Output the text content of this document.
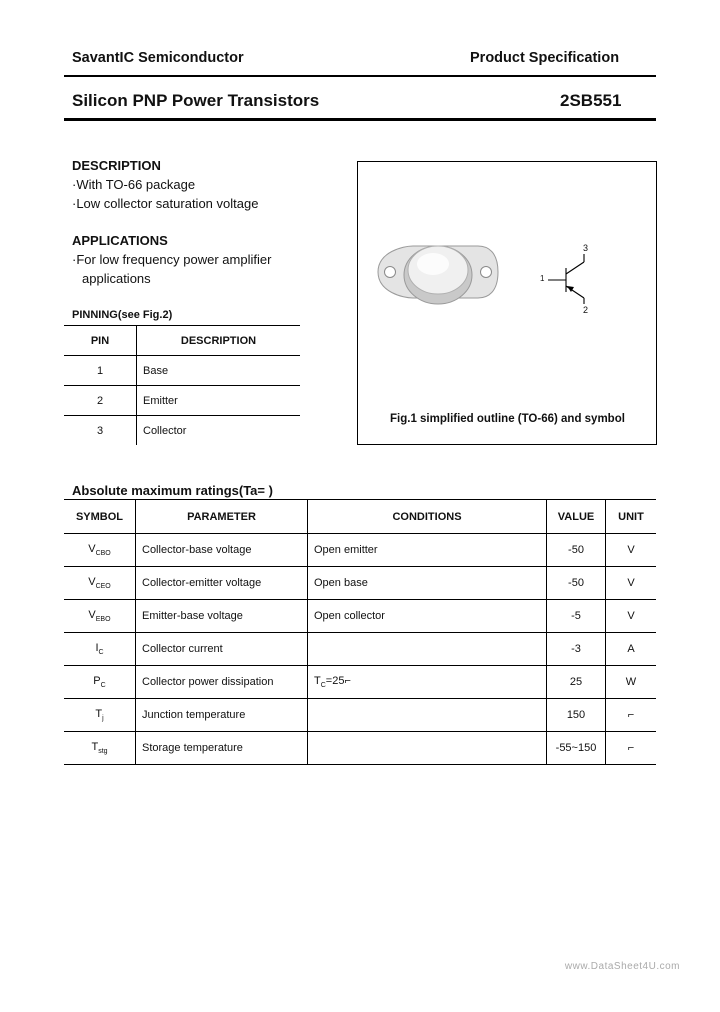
SavantIC Semiconductor	Product Specification
Silicon PNP Power Transistors	2SB551
DESCRIPTION
·With TO-66 package
·Low collector saturation voltage
APPLICATIONS
·For low frequency power amplifier
applications
PINNING(see Fig.2)
PIN	DESCRIPTION
1	Base
2	Emitter
3	Collector
1
2
3
Fig.1 simplified outline (TO-66) and symbol
Absolute maximum ratings(Ta= )
SYMBOL	PARAMETER	CONDITIONS	VALUE	UNIT
$V_{CBO}$	Collector-base voltage	Open emitter	-50	V
$V_{CEO}$	Collector-emitter voltage	Open base	-50	V
$V_{EBO}$	Emitter-base voltage	Open collector	-5	V
$I_C$	Collector current		-3	A
$P_C$	Collector power dissipation	$T_C=25⌐$	25	W
$T_j$	Junction temperature		150	⌐
$T_{stg}$	Storage temperature		-55~150	⌐
www.DataSheet4U.com
